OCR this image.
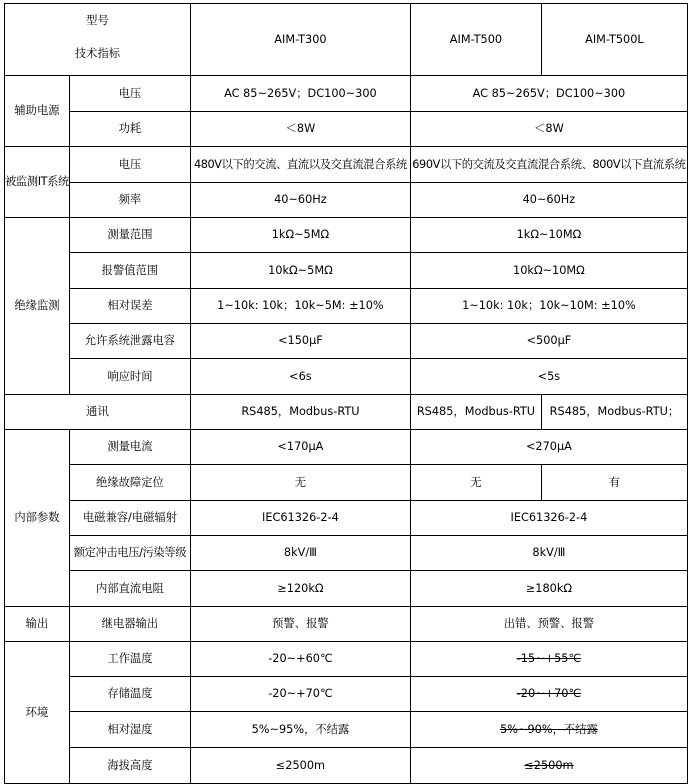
型号
技术指标		AIM-T300	AIM-T500	AIM-T500L
辅助电源	电压	AC 85~265V；DC100~300	AC 85~265V；DC100~300	
	功耗	＜8W	＜8W	
被监测IT系统	电压	480V以下的交流、直流以及交直流混合系统	690V以下的交流及交直流混合系统、800V以下直流系统	
	频率	40~60Hz	40~60Hz	
绝缘监测	测量范围	1kΩ~5MΩ	1kΩ~10MΩ	
	报警值范围	10kΩ~5MΩ	10kΩ~10MΩ	
	相对误差	1~10k: 10k；10k~5M: ±10%	1~10k: 10k；10k~10M: ±10%	
	允许系统泄露电容	<150μF	<500μF	
	响应时间	<6s	<5s	
通讯		RS485，Modbus-RTU	RS485，Modbus-RTU	RS485，Modbus-RTU；
内部参数	测量电流	<170μA	<270μA	
	绝缘故障定位	无	无	有
	电磁兼容/电磁辐射	IEC61326-2-4	IEC61326-2-4	
	额定冲击电压/污染等级	8kV/Ⅲ	8kV/Ⅲ	
	内部直流电阻	≥120kΩ	≥180kΩ	
输出	继电器输出	预警、报警	出错、预警、报警	
环境	工作温度	-20~+60℃	-15~+55℃	
	存储温度	-20~+70℃	-20~+70℃	
	相对湿度	5%~95%，不结露	5%~90%，不结露	
	海拔高度	≤2500m	≤2500m	
